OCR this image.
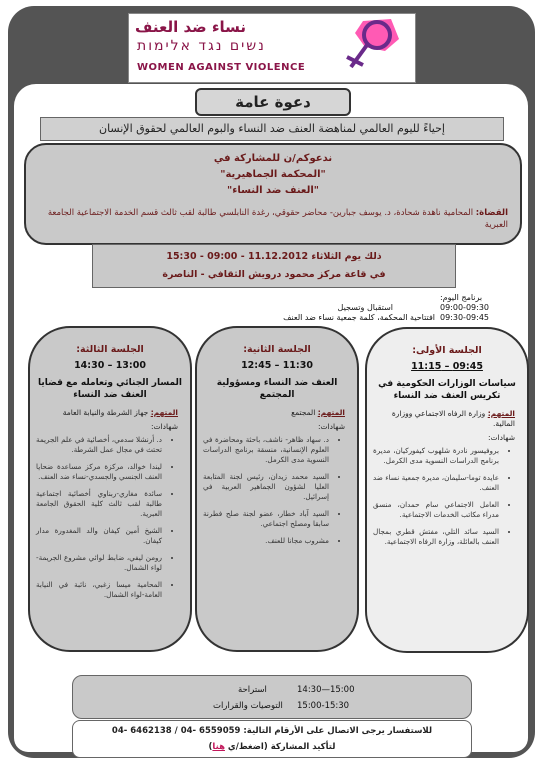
نساء ضد العنف
נשים נגד אלימות
WOMEN AGAINST VIOLENCE
دعوة عامة
إحياءً لليوم العالمي لمناهضة العنف ضد النساء والبوم العالمي لحقوق الإنسان
ندعوكم/ن للمشاركة في
"المحكمة الجماهيرية"
"العنف ضد النساء"
القضاة: المحامية ناهدة شحادة، د. يوسف جبارين- محاضر حقوقي، رغدة النابلسي طالبة لقب ثالث قسم الخدمة الاجتماعية الجامعة العبرية
ذلك يوم الثلاثاء 11.12.2012 - 09:00 - 15:30
في قاعة مركز محمود درويش الثقافي - الناصرة
برنامج اليوم:
09:00-09:30
استقبال وتسجيل
09:30-09:45
افتتاحية المحكمة، كلمة جمعية نساء ضد العنف
الجلسة الأولى:
09:45 – 11:15
سياسات الوزارات الحكومية في تكريس العنف ضد النساء
المتهم: وزارة الرفاه الاجتماعي ووزارة المالية.
شهادات:
• بروفيسور نادرة شلهوب كيفوركيان، مديرة برنامج الدراسات النسوية مدى الكرمل.
• عايدة توما-سليمان، مديرة جمعية نساء ضد العنف.
• العامل الاجتماعي سام حمدان، منسق مدراء مكاتب الخدمات الاجتماعية.
• السيد سائد التلي، مفتش قطري بمجال العنف بالعائلة، وزارة الرفاه الاجتماعية.
الجلسة الثانية:
11:30 – 12:45
العنف ضد النساء ومسؤولية المجتمع
المتهم: المجتمع
شهادات:
• د. سهاد ظاهر- ناشف، باحثة ومحاضرة في العلوم الإنسانية، منسقة برنامج الدراسات النسوية مدى الكرمل.
• السيد محمد زيدان، رئيس لجنة المتابعة العليا لشؤون الجماهير العربية في إسرائيل.
• السيد آباد خطار، عضو لجنة صلح فطرنة سابقا ومصلح اجتماعي.
• مشروب مجانا للعنف.
الجلسة الثالثة:
13:00 – 14:30
المسار الجنائي وتعامله مع قضايا العنف ضد النساء
المتهم: جهاز الشرطة والنيابة العامة
شهادات:
• د. أرنشلا سدمي، أخصائية في علم الجريمة تحتث في مجال عمل الشرطة.
• ليندا خوالد، مركزة مركز مساعدة ضحايا العنف الجنسي والجسدي-نساء ضد العنف.
• سائدة مغاري-ربناوي أخصائية اجتماعية طالبة لقب ثالث كلية الحقوق الجامعة العبرية.
• الشيخ أمين كيفان والد المغدورة مدار كيفان.
• رومن ليفي، ضابط لوائي مشروع الجريمة-لواء الشمال.
• المحامية ميسا زغبي، نائبة في النيابة العامة-لواء الشمال.
14:30—15:00
استراحة
15:00-15:30
التوصيات والقرارات
للاستفسار يرجى الاتصال على الأرقام التالية: 6559059 -04 / 6462138 -04
لتأكيد المشاركة (اضغط/ي هنا)
